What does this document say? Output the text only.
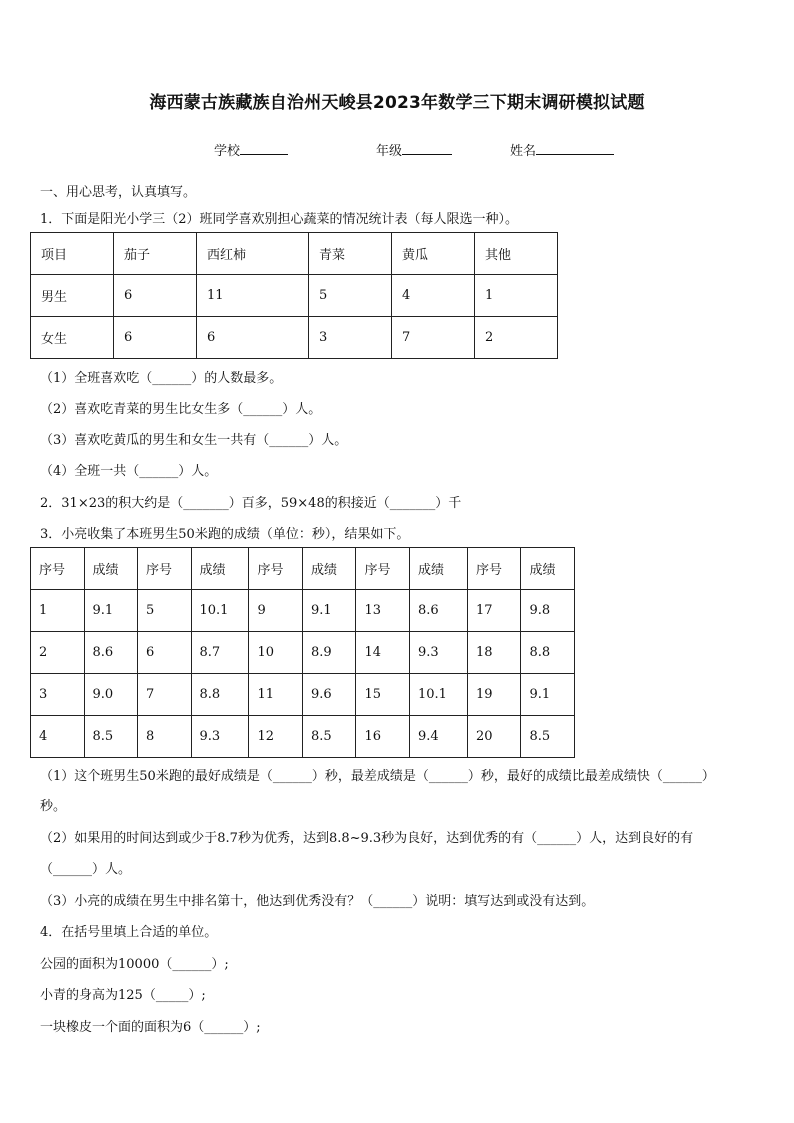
海西蒙古族藏族自治州天峻县2023年数学三下期末调研模拟试题
学校	年级	姓名
一、用心思考，认真填写。
1．下面是阳光小学三（2）班同学喜欢别担心蔬菜的情况统计表（每人限选一种）。
项目	茄子	西红柿	青菜	黄瓜	其他
男生	6	11	5	4	1
女生	6	6	3	7	2
（1）全班喜欢吃（______）的人数最多。
（2）喜欢吃青菜的男生比女生多（______）人。
（3）喜欢吃黄瓜的男生和女生一共有（______）人。
（4）全班一共（______）人。
2．31×23的积大约是（_______）百多，59×48的积接近（_______）千
3．小亮收集了本班男生50米跑的成绩（单位：秒），结果如下。
序号	成绩	序号	成绩	序号	成绩	序号	成绩	序号	成绩
1	9.1	5	10.1	9	9.1	13	8.6	17	9.8
2	8.6	6	8.7	10	8.9	14	9.3	18	8.8
3	9.0	7	8.8	11	9.6	15	10.1	19	9.1
4	8.5	8	9.3	12	8.5	16	9.4	20	8.5
（1）这个班男生50米跑的最好成绩是（______）秒，最差成绩是（______）秒，最好的成绩比最差成绩快（______）
秒。
（2）如果用的时间达到或少于8.7秒为优秀，达到8.8~9.3秒为良好，达到优秀的有（______）人，达到良好的有
（______）人。
（3）小亮的成绩在男生中排名第十，他达到优秀没有？（______）说明：填写达到或没有达到。
4．在括号里填上合适的单位。
公园的面积为10000（______）;
小青的身高为125（_____）;
一块橡皮一个面的面积为6（______）;
